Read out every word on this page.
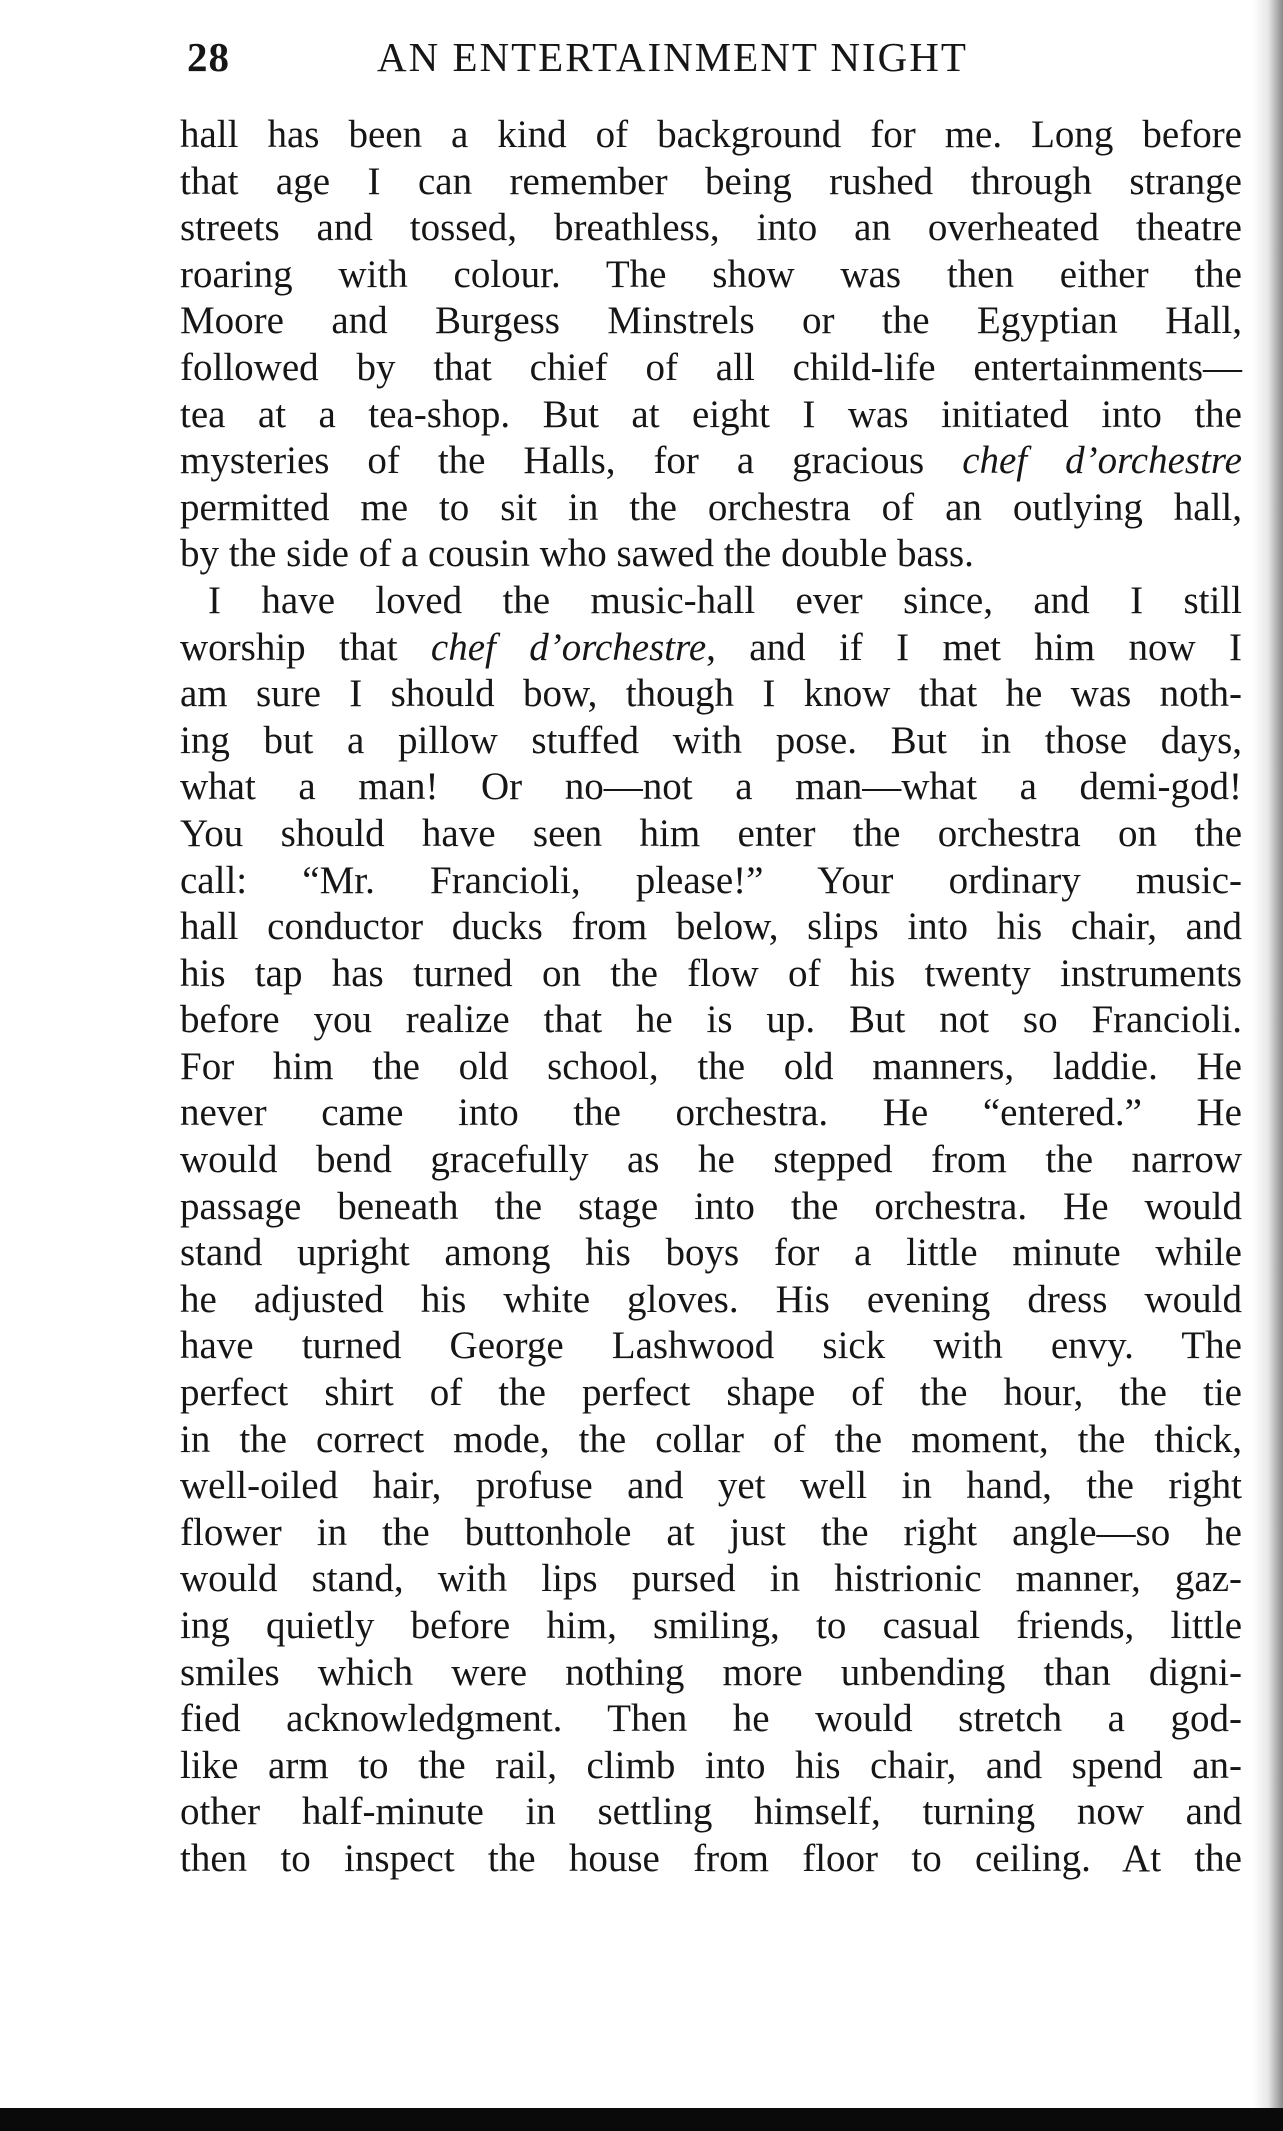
28	AN ENTERTAINMENT NIGHT
hall has been a kind of background for me. Long before
that age I can remember being rushed through strange
streets and tossed, breathless, into an overheated theatre
roaring with colour. The show was then either the
Moore and Burgess Minstrels or the Egyptian Hall,
followed by that chief of all child-life entertainments—
tea at a tea-shop. But at eight I was initiated into the
mysteries of the Halls, for a gracious chef d’orchestre
permitted me to sit in the orchestra of an outlying hall,
by the side of a cousin who sawed the double bass.
I have loved the music-hall ever since, and I still
worship that chef d’orchestre, and if I met him now I
am sure I should bow, though I know that he was noth-
ing but a pillow stuffed with pose. But in those days,
what a man! Or no—not a man—what a demi-god!
You should have seen him enter the orchestra on the
call: “Mr. Francioli, please!” Your ordinary music-
hall conductor ducks from below, slips into his chair, and
his tap has turned on the flow of his twenty instruments
before you realize that he is up. But not so Francioli.
For him the old school, the old manners, laddie. He
never came into the orchestra. He “entered.” He
would bend gracefully as he stepped from the narrow
passage beneath the stage into the orchestra. He would
stand upright among his boys for a little minute while
he adjusted his white gloves. His evening dress would
have turned George Lashwood sick with envy. The
perfect shirt of the perfect shape of the hour, the tie
in the correct mode, the collar of the moment, the thick,
well-oiled hair, profuse and yet well in hand, the right
flower in the buttonhole at just the right angle—so he
would stand, with lips pursed in histrionic manner, gaz-
ing quietly before him, smiling, to casual friends, little
smiles which were nothing more unbending than digni-
fied acknowledgment. Then he would stretch a god-
like arm to the rail, climb into his chair, and spend an-
other half-minute in settling himself, turning now and
then to inspect the house from floor to ceiling. At the
